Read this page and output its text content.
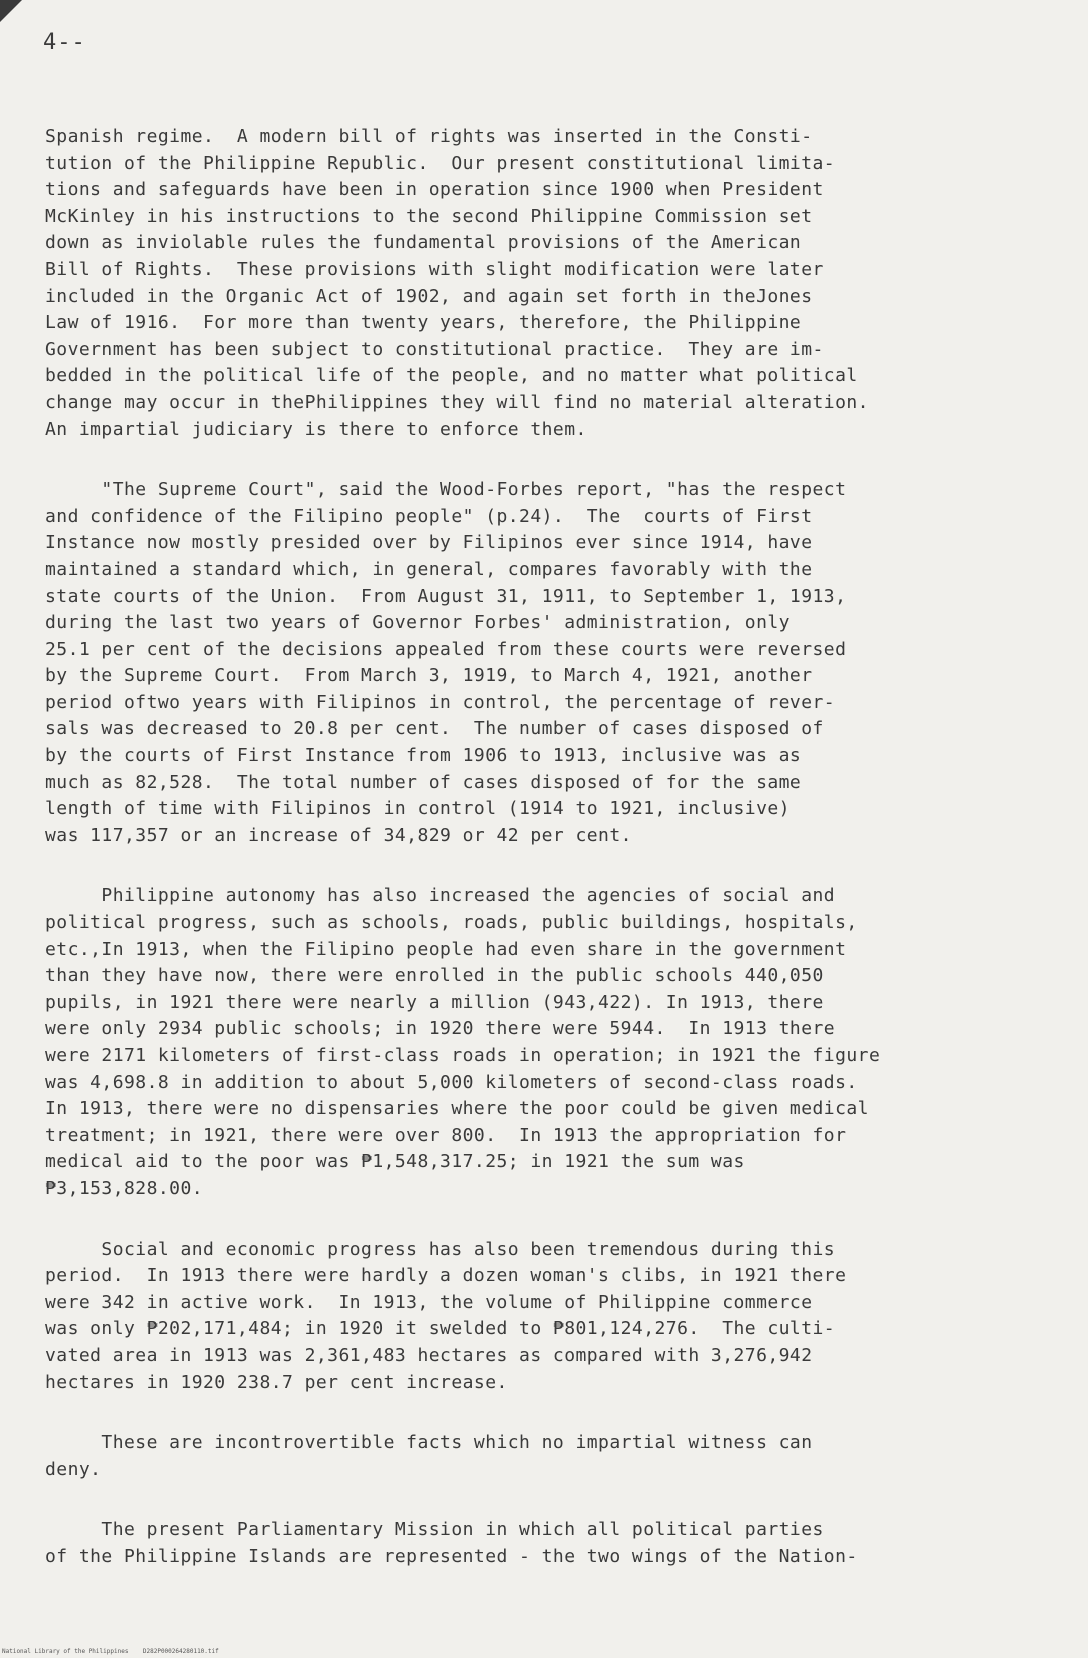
4--
Spanish regime.  A modern bill of rights was inserted in the Consti-
tution of the Philippine Republic.  Our present constitutional limita-
tions and safeguards have been in operation since 1900 when President
McKinley in his instructions to the second Philippine Commission set
down as inviolable rules the fundamental provisions of the American
Bill of Rights.  These provisions with slight modification were later
included in the Organic Act of 1902, and again set forth in theJones
Law of 1916.  For more than twenty years, therefore, the Philippine
Government has been subject to constitutional practice.  They are im-
bedded in the political life of the people, and no matter what political
change may occur in thePhilippines they will find no material alteration.
An impartial judiciary is there to enforce them.
"The Supreme Court", said the Wood-Forbes report, "has the respect
and confidence of the Filipino people" (p.24).  The  courts of First
Instance now mostly presided over by Filipinos ever since 1914, have
maintained a standard which, in general, compares favorably with the
state courts of the Union.  From August 31, 1911, to September 1, 1913,
during the last two years of Governor Forbes' administration, only
25.1 per cent of the decisions appealed from these courts were reversed
by the Supreme Court.  From March 3, 1919, to March 4, 1921, another
period oftwo years with Filipinos in control, the percentage of rever-
sals was decreased to 20.8 per cent.  The number of cases disposed of
by the courts of First Instance from 1906 to 1913, inclusive was as
much as 82,528.  The total number of cases disposed of for the same
length of time with Filipinos in control (1914 to 1921, inclusive)
was 117,357 or an increase of 34,829 or 42 per cent.
Philippine autonomy has also increased the agencies of social and
political progress, such as schools, roads, public buildings, hospitals,
etc.,In 1913, when the Filipino people had even share in the government
than they have now, there were enrolled in the public schools 440,050
pupils, in 1921 there were nearly a million (943,422). In 1913, there
were only 2934 public schools; in 1920 there were 5944.  In 1913 there
were 2171 kilometers of first-class roads in operation; in 1921 the figure
was 4,698.8 in addition to about 5,000 kilometers of second-class roads.
In 1913, there were no dispensaries where the poor could be given medical
treatment; in 1921, there were over 800.  In 1913 the appropriation for
medical aid to the poor was ₱1,548,317.25; in 1921 the sum was
₱3,153,828.00.
Social and economic progress has also been tremendous during this
period.  In 1913 there were hardly a dozen woman's clibs, in 1921 there
were 342 in active work.  In 1913, the volume of Philippine commerce
was only ₱202,171,484; in 1920 it swelded to ₱801,124,276.  The culti-
vated area in 1913 was 2,361,483 hectares as compared with 3,276,942
hectares in 1920 238.7 per cent increase.
These are incontrovertible facts which no impartial witness can
deny.
The present Parliamentary Mission in which all political parties
of the Philippine Islands are represented - the two wings of the Nation-
National Library of the Philippines    D282P000264280110.tif
